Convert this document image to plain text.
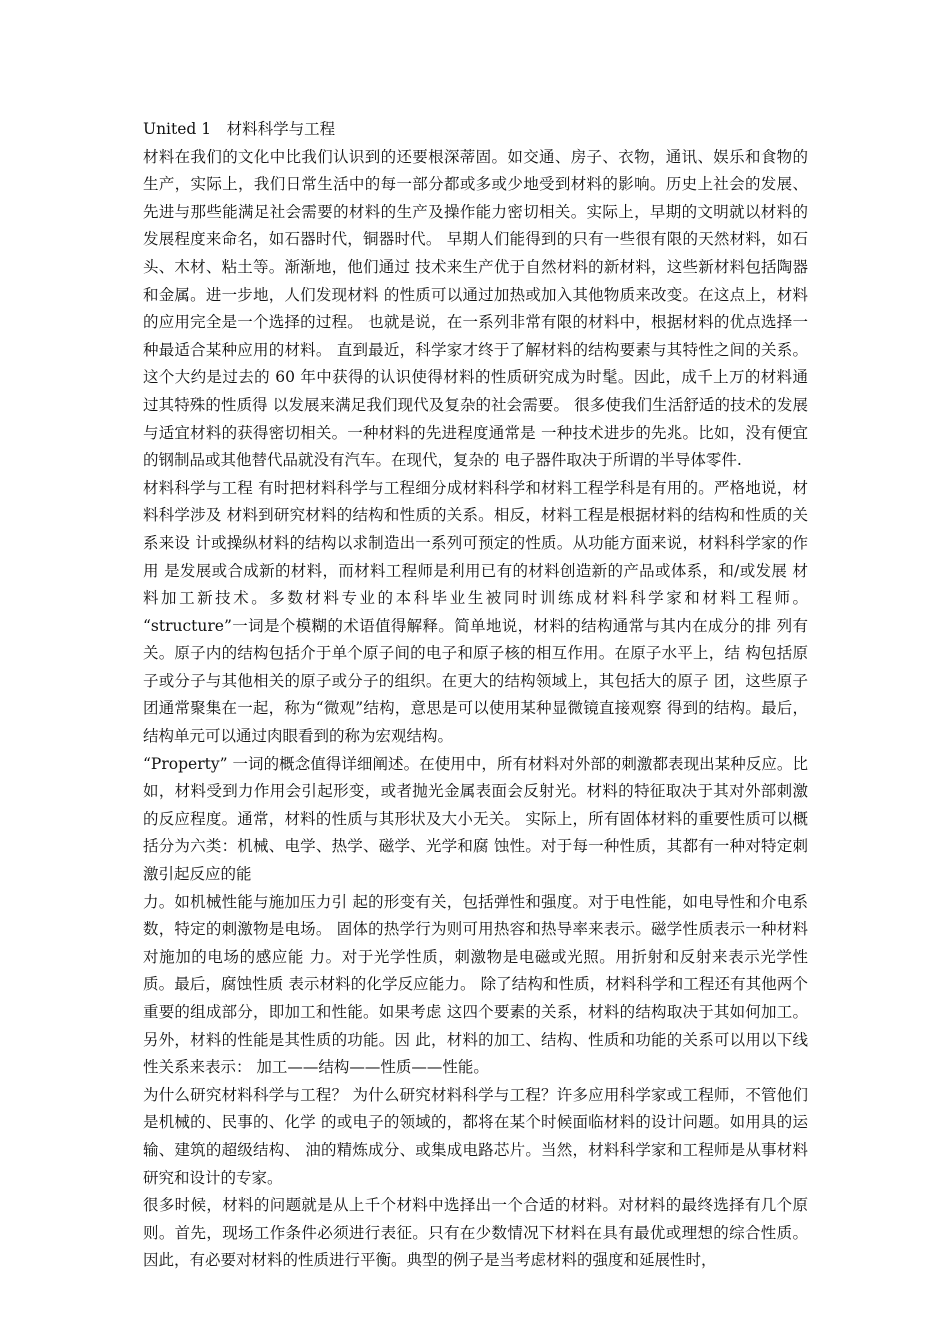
United 1　材料科学与工程

材料在我们的文化中比我们认识到的还要根深蒂固。如交通、房子、衣物，通讯、娱乐和食物的生产，实际上，我们日常生活中的每一部分都或多或少地受到材料的影响。历史上社会的发展、先进与那些能满足社会需要的材料的生产及操作能力密切相关。实际上，早期的文明就以材料的发展程度来命名，如石器时代，铜器时代。 早期人们能得到的只有一些很有限的天然材料，如石头、木材、粘土等。渐渐地，他们通过 技术来生产优于自然材料的新材料，这些新材料包括陶器和金属。进一步地，人们发现材料 的性质可以通过加热或加入其他物质来改变。在这点上，材料的应用完全是一个选择的过程。 也就是说，在一系列非常有限的材料中，根据材料的优点选择一种最适合某种应用的材料。 直到最近，科学家才终于了解材料的结构要素与其特性之间的关系。这个大约是过去的 60 年中获得的认识使得材料的性质研究成为时髦。因此，成千上万的材料通过其特殊的性质得 以发展来满足我们现代及复杂的社会需要。 很多使我们生活舒适的技术的发展与适宜材料的获得密切相关。一种材料的先进程度通常是 一种技术进步的先兆。比如，没有便宜的钢制品或其他替代品就没有汽车。在现代，复杂的 电子器件取决于所谓的半导体零件.

材料科学与工程 有时把材料科学与工程细分成材料科学和材料工程学科是有用的。严格地说，材料科学涉及 材料到研究材料的结构和性质的关系。相反，材料工程是根据材料的结构和性质的关系来设 计或操纵材料的结构以求制造出一系列可预定的性质。从功能方面来说，材料科学家的作用 是发展或合成新的材料，而材料工程师是利用已有的材料创造新的产品或体系，和/或发展 材料加工新技术。多数材料专业的本科毕业生被同时训练成材料科学家和材料工程师。 “structure”一词是个模糊的术语值得解释。简单地说，材料的结构通常与其内在成分的排 列有关。原子内的结构包括介于单个原子间的电子和原子核的相互作用。在原子水平上，结 构包括原子或分子与其他相关的原子或分子的组织。在更大的结构领域上，其包括大的原子 团，这些原子团通常聚集在一起，称为“微观”结构，意思是可以使用某种显微镜直接观察 得到的结构。最后，结构单元可以通过肉眼看到的称为宏观结构。

“Property” 一词的概念值得详细阐述。在使用中，所有材料对外部的刺激都表现出某种反应。比如，材料受到力作用会引起形变，或者抛光金属表面会反射光。材料的特征取决于其对外部刺激的反应程度。通常，材料的性质与其形状及大小无关。 实际上，所有固体材料的重要性质可以概括分为六类：机械、电学、热学、磁学、光学和腐 蚀性。对于每一种性质，其都有一种对特定刺激引起反应的能

力。如机械性能与施加压力引 起的形变有关，包括弹性和强度。对于电性能，如电导性和介电系数，特定的刺激物是电场。 固体的热学行为则可用热容和热导率来表示。磁学性质表示一种材料对施加的电场的感应能 力。对于光学性质，刺激物是电磁或光照。用折射和反射来表示光学性质。最后，腐蚀性质 表示材料的化学反应能力。 除了结构和性质，材料科学和工程还有其他两个重要的组成部分，即加工和性能。如果考虑 这四个要素的关系，材料的结构取决于其如何加工。另外，材料的性能是其性质的功能。因 此，材料的加工、结构、性质和功能的关系可以用以下线性关系来表示： 加工——结构——性质——性能。

为什么研究材料科学与工程？ 为什么研究材料科学与工程？许多应用科学家或工程师，不管他们是机械的、民事的、化学 的或电子的领域的，都将在某个时候面临材料的设计问题。如用具的运输、建筑的超级结构、 油的精炼成分、或集成电路芯片。当然，材料科学家和工程师是从事材料研究和设计的专家。

很多时候，材料的问题就是从上千个材料中选择出一个合适的材料。对材料的最终选择有几个原则。首先，现场工作条件必须进行表征。只有在少数情况下材料在具有最优或理想的综合性质。因此，有必要对材料的性质进行平衡。典型的例子是当考虑材料的强度和延展性时，
